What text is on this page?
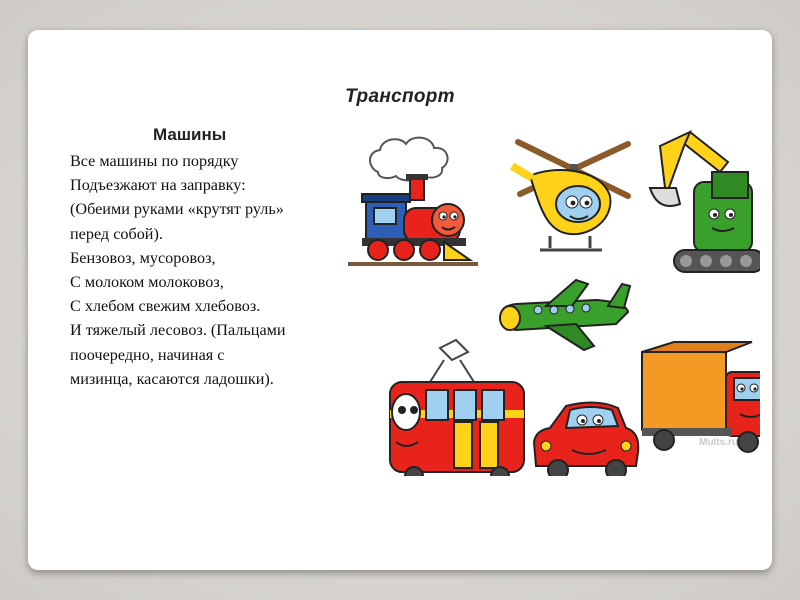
Транспорт
Машины
Все машины по порядку
Подъезжают на заправку:
(Обеими руками «крутят руль»
перед собой).
Бензовоз, мусоровоз,
С молоком молоковоз,
С хлебом свежим хлебовоз.
И тяжелый лесовоз. (Пальцами
поочередно, начиная с
мизинца, касаются ладошки).
Mults.ru
